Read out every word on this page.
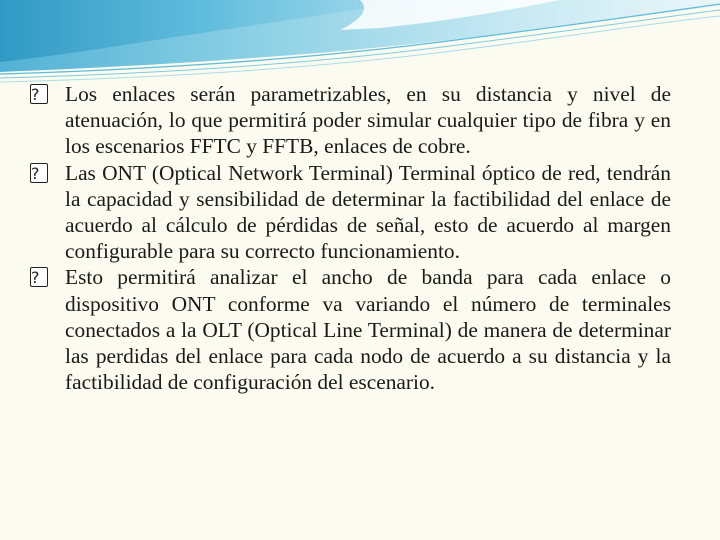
?	Los enlaces serán parametrizables, en su distancia y nivel de atenuación, lo que permitirá poder simular cualquier tipo de fibra y en los escenarios FFTC y FFTB, enlaces de cobre.

?	Las ONT (Optical Network Terminal) Terminal óptico de red, tendrán la capacidad y sensibilidad de determinar la factibilidad del enlace de acuerdo al cálculo de pérdidas de señal, esto de acuerdo al margen configurable para su correcto funcionamiento.

?	Esto permitirá analizar el ancho de banda para cada enlace o dispositivo ONT conforme va variando el número de terminales conectados a la OLT (Optical Line Terminal) de manera de determinar las perdidas del enlace para cada nodo de acuerdo a su distancia y la factibilidad de configuración del escenario.
